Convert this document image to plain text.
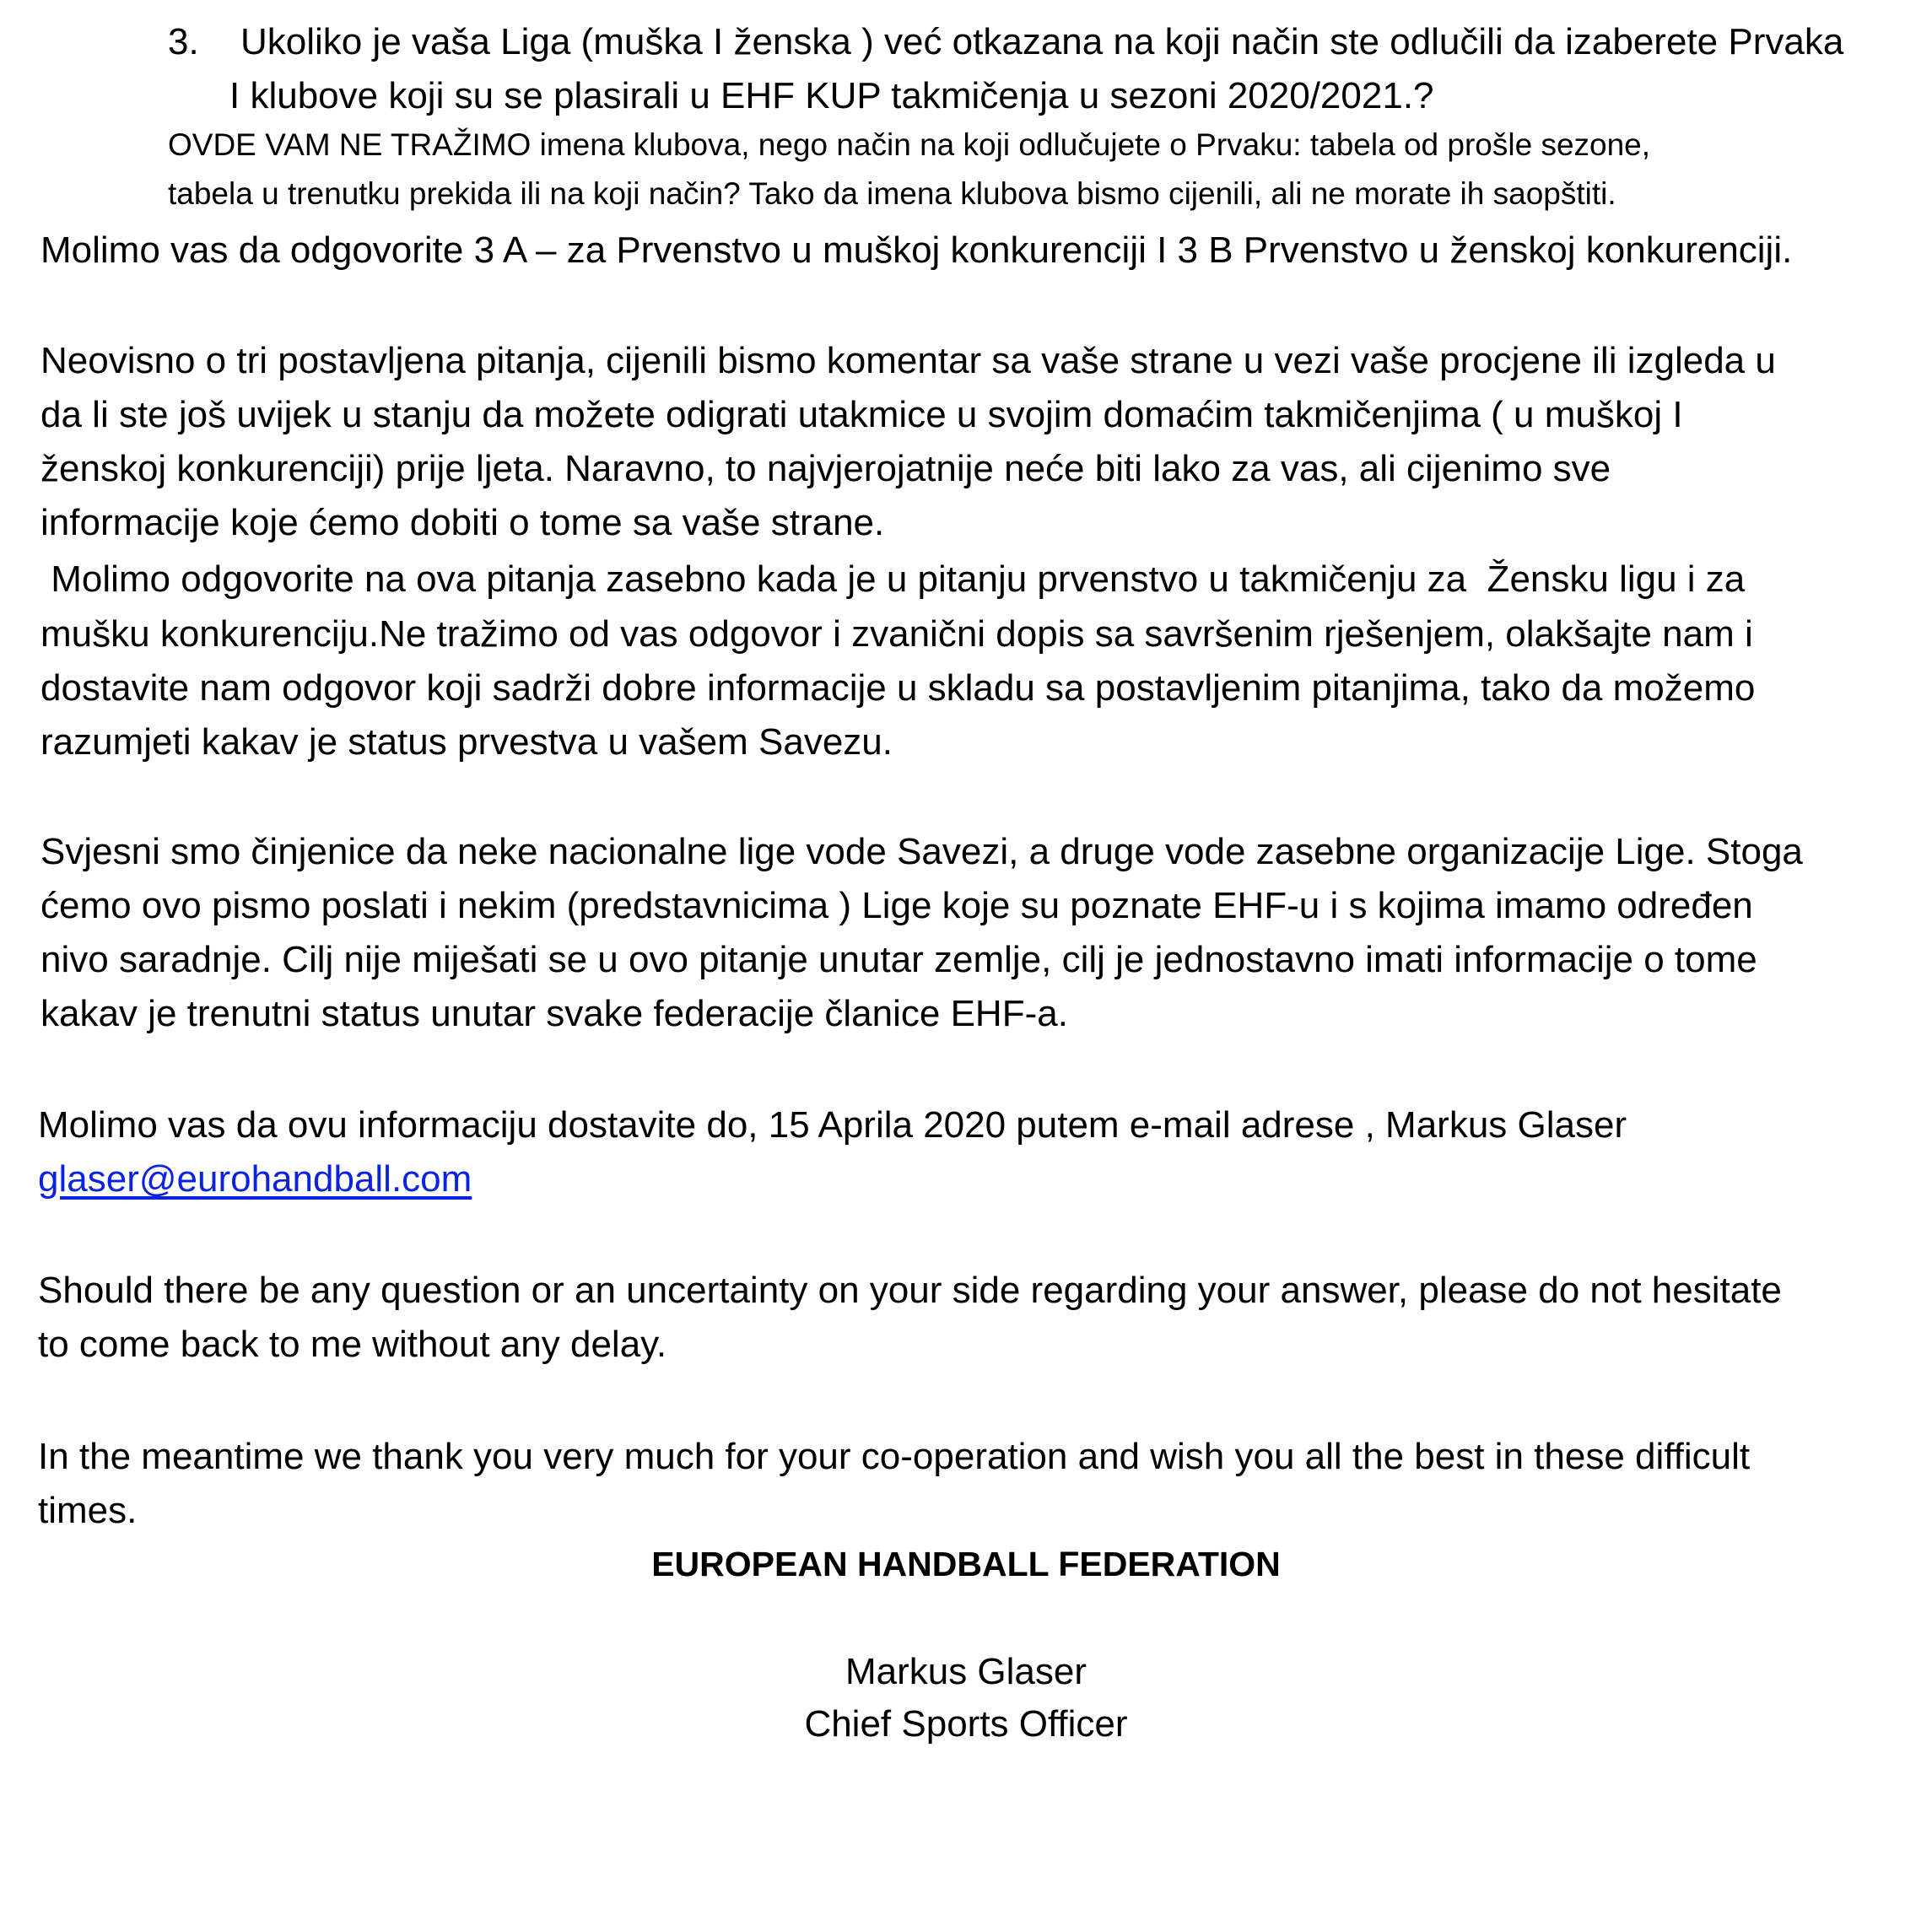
3. Ukoliko je vaša Liga (muška I ženska ) već otkazana na koji način ste odlučili da izaberete Prvaka
I klubove koji su se plasirali u EHF KUP takmičenja u sezoni 2020/2021.?
OVDE VAM NE TRAŽIMO imena klubova, nego način na koji odlučujete o Prvaku: tabela od prošle sezone,
tabela u trenutku prekida ili na koji način? Tako da imena klubova bismo cijenili, ali ne morate ih saopštiti.
Molimo vas da odgovorite 3 A – za Prvenstvo u muškoj konkurenciji I 3 B Prvenstvo u ženskoj konkurenciji.
Neovisno o tri postavljena pitanja, cijenili bismo komentar sa vaše strane u vezi vaše procjene ili izgleda u
da li ste još uvijek u stanju da možete odigrati utakmice u svojim domaćim takmičenjima ( u muškoj I
ženskoj konkurenciji) prije ljeta. Naravno, to najvjerojatnije neće biti lako za vas, ali cijenimo sve
informacije koje ćemo dobiti o tome sa vaše strane.
Molimo odgovorite na ova pitanja zasebno kada je u pitanju prvenstvo u takmičenju za  Žensku ligu i za
mušku konkurenciju.Ne tražimo od vas odgovor i zvanični dopis sa savršenim rješenjem, olakšajte nam i
dostavite nam odgovor koji sadrži dobre informacije u skladu sa postavljenim pitanjima, tako da možemo
razumjeti kakav je status prvestva u vašem Savezu.
Svjesni smo činjenice da neke nacionalne lige vode Savezi, a druge vode zasebne organizacije Lige. Stoga
ćemo ovo pismo poslati i nekim (predstavnicima ) Lige koje su poznate EHF-u i s kojima imamo određen
nivo saradnje. Cilj nije miješati se u ovo pitanje unutar zemlje, cilj je jednostavno imati informacije o tome
kakav je trenutni status unutar svake federacije članice EHF-a.
Molimo vas da ovu informaciju dostavite do, 15 Aprila 2020 putem e-mail adrese , Markus Glaser
glaser@eurohandball.com
Should there be any question or an uncertainty on your side regarding your answer, please do not hesitate
to come back to me without any delay.
In the meantime we thank you very much for your co-operation and wish you all the best in these difficult
times.
EUROPEAN HANDBALL FEDERATION
Markus Glaser
Chief Sports Officer
